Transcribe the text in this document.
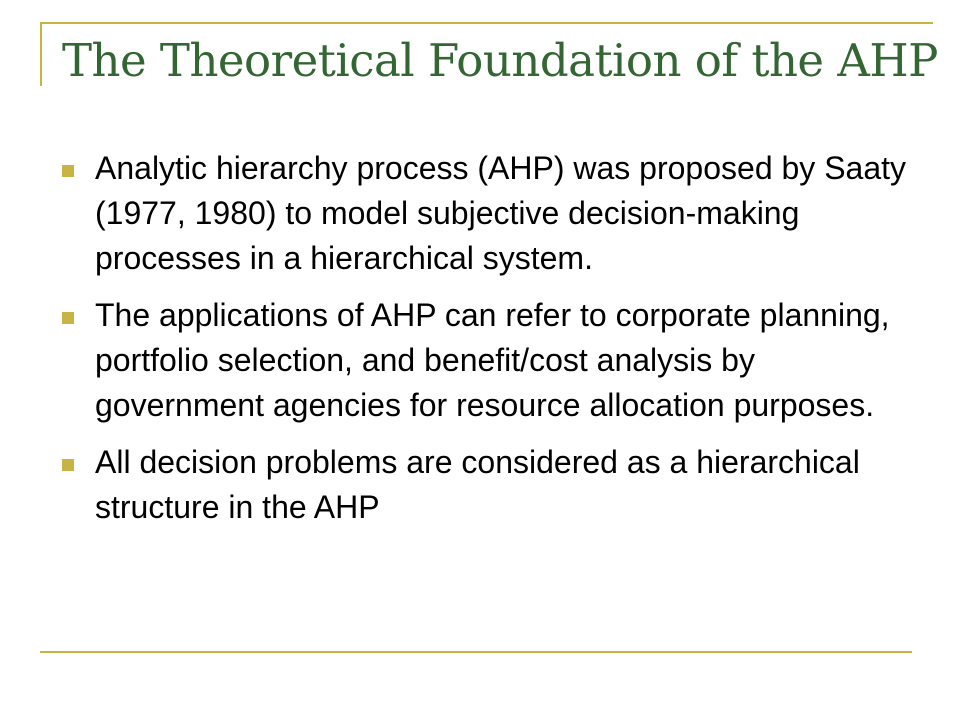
The Theoretical Foundation of the AHP
Analytic hierarchy process (AHP) was proposed by Saaty (1977, 1980) to model subjective decision-making processes in a hierarchical system.
The applications of AHP can refer to corporate planning, portfolio selection, and benefit/cost analysis by government agencies for resource allocation purposes.
All decision problems are considered as a hierarchical structure in the AHP
